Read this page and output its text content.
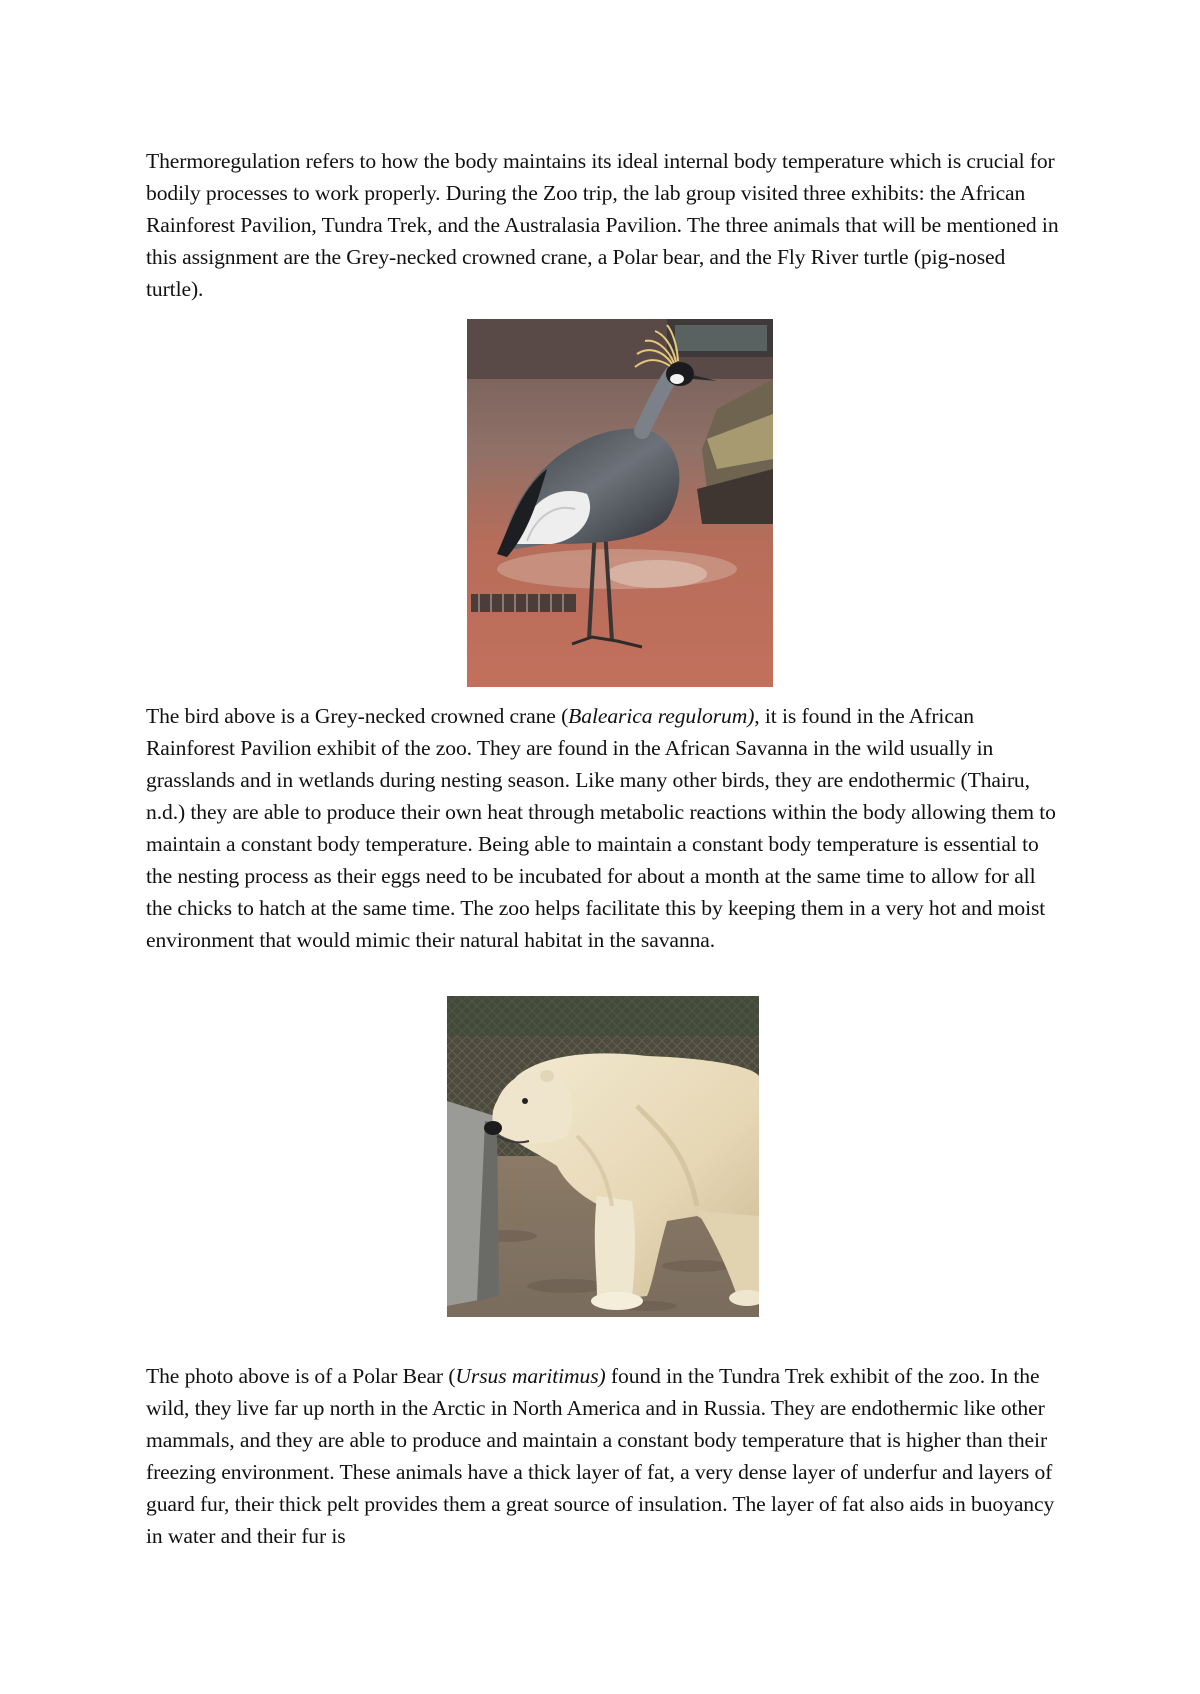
Thermoregulation refers to how the body maintains its ideal internal body temperature which is crucial for bodily processes to work properly. During the Zoo trip, the lab group visited three exhibits: the African Rainforest Pavilion, Tundra Trek, and the Australasia Pavilion. The three animals that will be mentioned in this assignment are the Grey-necked crowned crane, a Polar bear, and the Fly River turtle (pig-nosed turtle).

The bird above is a Grey-necked crowned crane (Balearica regulorum), it is found in the African Rainforest Pavilion exhibit of the zoo. They are found in the African Savanna in the wild usually in grasslands and in wetlands during nesting season. Like many other birds, they are endothermic (Thairu, n.d.) they are able to produce their own heat through metabolic reactions within the body allowing them to maintain a constant body temperature. Being able to maintain a constant body temperature is essential to the nesting process as their eggs need to be incubated for about a month at the same time to allow for all the chicks to hatch at the same time. The zoo helps facilitate this by keeping them in a very hot and moist environment that would mimic their natural habitat in the savanna.

The photo above is of a Polar Bear (Ursus maritimus) found in the Tundra Trek exhibit of the zoo. In the wild, they live far up north in the Arctic in North America and in Russia. They are endothermic like other mammals, and they are able to produce and maintain a constant body temperature that is higher than their freezing environment. These animals have a thick layer of fat, a very dense layer of underfur and layers of guard fur, their thick pelt provides them a great source of insulation. The layer of fat also aids in buoyancy in water and their fur is
